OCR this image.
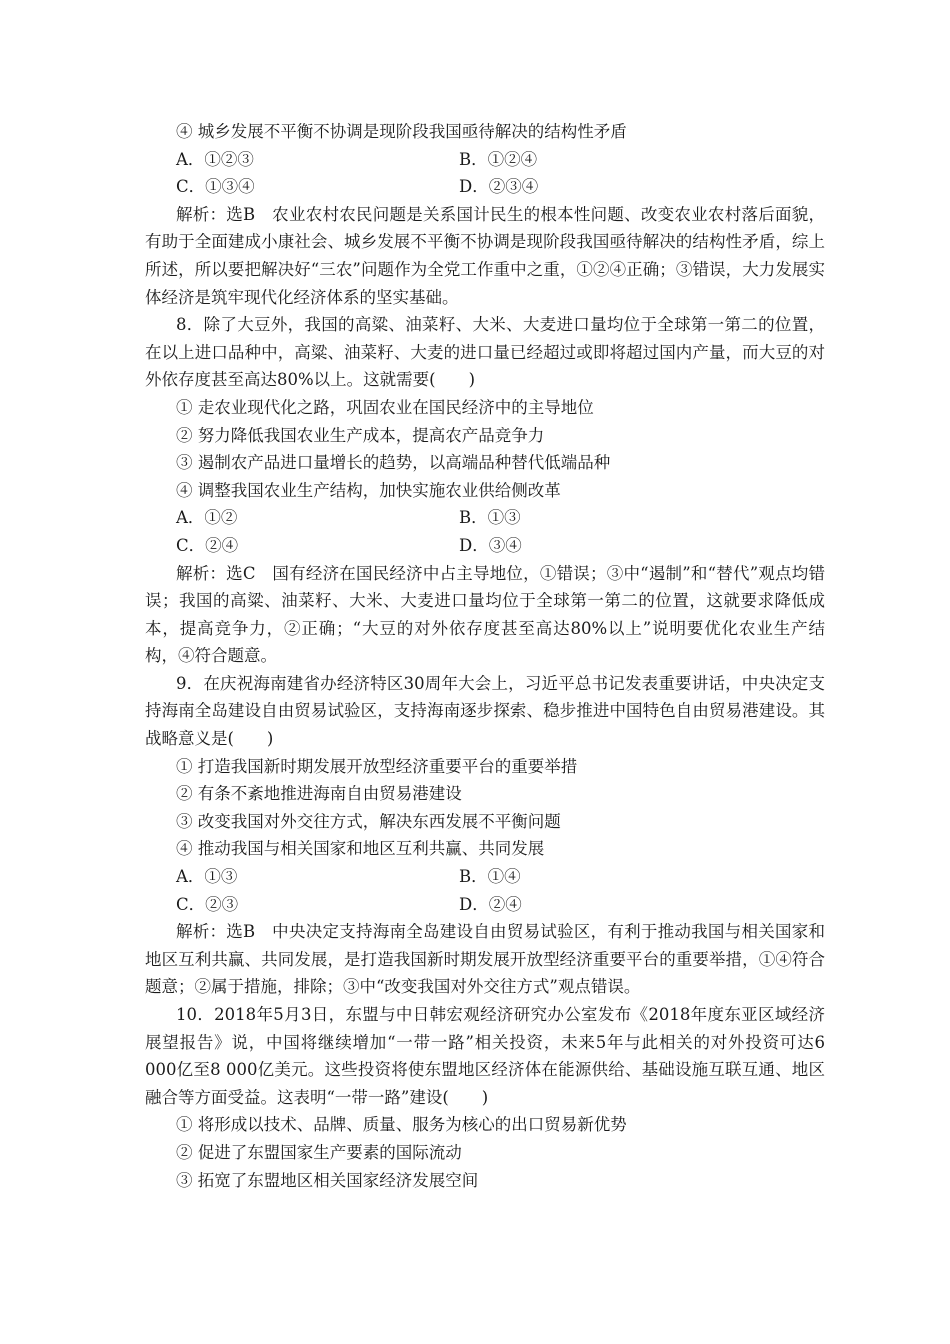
④ 城乡发展不平衡不协调是现阶段我国亟待解决的结构性矛盾
A．①②③	B．①②④
C．①③④	D．②③④
解析：选B　农业农村农民问题是关系国计民生的根本性问题、改变农业农村落后面貌，有助于全面建成小康社会、城乡发展不平衡不协调是现阶段我国亟待解决的结构性矛盾，综上所述，所以要把解决好“三农”问题作为全党工作重中之重，①②④正确；③错误，大力发展实体经济是筑牢现代化经济体系的坚实基础。
8．除了大豆外，我国的高粱、油菜籽、大米、大麦进口量均位于全球第一第二的位置，在以上进口品种中，高粱、油菜籽、大麦的进口量已经超过或即将超过国内产量，而大豆的对外依存度甚至高达80%以上。这就需要(　　)
① 走农业现代化之路，巩固农业在国民经济中的主导地位
② 努力降低我国农业生产成本，提高农产品竞争力
③ 遏制农产品进口量增长的趋势，以高端品种替代低端品种
④ 调整我国农业生产结构，加快实施农业供给侧改革
A．①②	B．①③
C．②④	D．③④
解析：选C　国有经济在国民经济中占主导地位，①错误；③中“遏制”和“替代”观点均错误；我国的高粱、油菜籽、大米、大麦进口量均位于全球第一第二的位置，这就要求降低成本，提高竞争力，②正确；“大豆的对外依存度甚至高达80%以上”说明要优化农业生产结构，④符合题意。
9．在庆祝海南建省办经济特区30周年大会上，习近平总书记发表重要讲话，中央决定支持海南全岛建设自由贸易试验区，支持海南逐步探索、稳步推进中国特色自由贸易港建设。其战略意义是(　　)
① 打造我国新时期发展开放型经济重要平台的重要举措
② 有条不紊地推进海南自由贸易港建设
③ 改变我国对外交往方式，解决东西发展不平衡问题
④ 推动我国与相关国家和地区互利共赢、共同发展
A．①③	B．①④
C．②③	D．②④
解析：选B　中央决定支持海南全岛建设自由贸易试验区，有利于推动我国与相关国家和地区互利共赢、共同发展，是打造我国新时期发展开放型经济重要平台的重要举措，①④符合题意；②属于措施，排除；③中“改变我国对外交往方式”观点错误。
10．2018年5月3日，东盟与中日韩宏观经济研究办公室发布《2018年度东亚区域经济展望报告》说，中国将继续增加“一带一路”相关投资，未来5年与此相关的对外投资可达6 000亿至8 000亿美元。这些投资将使东盟地区经济体在能源供给、基础设施互联互通、地区融合等方面受益。这表明“一带一路”建设(　　)
① 将形成以技术、品牌、质量、服务为核心的出口贸易新优势
② 促进了东盟国家生产要素的国际流动
③ 拓宽了东盟地区相关国家经济发展空间
